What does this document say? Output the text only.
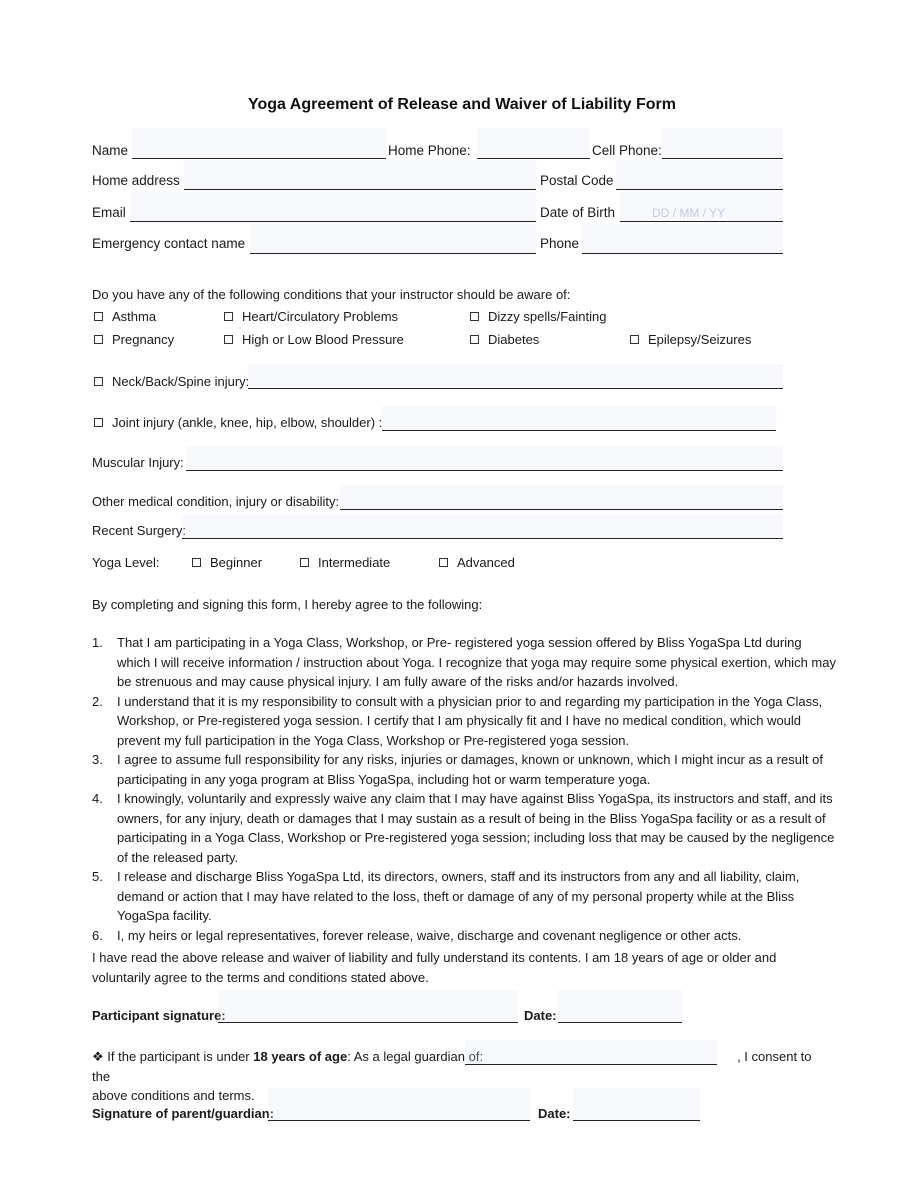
Yoga Agreement of Release and Waiver of Liability Form
Name	Home Phone:	Cell Phone:
Home address	Postal Code
Email	Date of Birth	DD / MM / YY
Emergency contact name	Phone
Do you have any of the following conditions that your instructor should be aware of:
Asthma	Heart/Circulatory Problems	Dizzy spells/Fainting
Pregnancy	High or Low Blood Pressure	Diabetes	Epilepsy/Seizures
Neck/Back/Spine injury:
Joint injury (ankle, knee, hip, elbow, shoulder) :
Muscular Injury:
Other medical condition, injury or disability:
Recent Surgery:
Yoga Level:	Beginner	Intermediate	Advanced
By completing and signing this form, I hereby agree to the following:
1. That I am participating in a Yoga Class, Workshop, or Pre- registered yoga session offered by Bliss YogaSpa Ltd during which I will receive information / instruction about Yoga. I recognize that yoga may require some physical exertion, which may be strenuous and may cause physical injury. I am fully aware of the risks and/or hazards involved.
2. I understand that it is my responsibility to consult with a physician prior to and regarding my participation in the Yoga Class, Workshop, or Pre-registered yoga session. I certify that I am physically fit and I have no medical condition, which would prevent my full participation in the Yoga Class, Workshop or Pre-registered yoga session.
3. I agree to assume full responsibility for any risks, injuries or damages, known or unknown, which I might incur as a result of participating in any yoga program at Bliss YogaSpa, including hot or warm temperature yoga.
4. I knowingly, voluntarily and expressly waive any claim that I may have against Bliss YogaSpa, its instructors and staff, and its owners, for any injury, death or damages that I may sustain as a result of being in the Bliss YogaSpa facility or as a result of participating in a Yoga Class, Workshop or Pre-registered yoga session; including loss that may be caused by the negligence of the released party.
5. I release and discharge Bliss YogaSpa Ltd, its directors, owners, staff and its instructors from any and all liability, claim, demand or action that I may have related to the loss, theft or damage of any of my personal property while at the Bliss YogaSpa facility.
6. I, my heirs or legal representatives, forever release, waive, discharge and covenant negligence or other acts.
I have read the above release and waiver of liability and fully understand its contents. I am 18 years of age or older and voluntarily agree to the terms and conditions stated above.
Participant signature:	Date:
❖ If the participant is under 18 years of age: As a legal guardian of:	, I consent to the
above conditions and terms.
Signature of parent/guardian:	Date:
